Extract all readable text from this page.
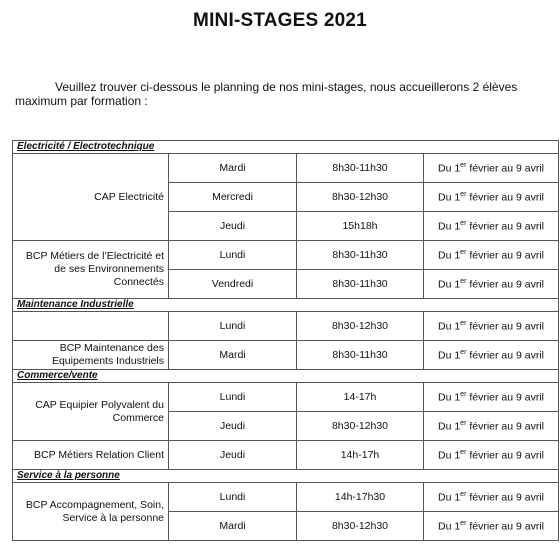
MINI-STAGES 2021
Veuillez trouver ci-dessous le planning de nos mini-stages, nous accueillerons 2 élèves maximum par formation :
Electricité / Electrotechnique			

CAP Electricité	Mardi	8h30-11h30	Du 1er février au 9 avril
	Mercredi	8h30-12h30	Du 1er février au 9 avril
	Jeudi	15h18h	Du 1er février au 9 avril
BCP Métiers de l’Electricité et de ses Environnements Connectés	Lundi	8h30-11h30	Du 1er février au 9 avril
	Vendredi	8h30-11h30	Du 1er février au 9 avril

Maintenance Industrielle			

	Lundi	8h30-12h30	Du 1er février au 9 avril
BCP Maintenance des Equipements Industriels	Mardi	8h30-11h30	Du 1er février au 9 avril

Commerce/vente			

CAP Equipier Polyvalent du Commerce	Lundi	14-17h	Du 1er février au 9 avril
	Jeudi	8h30-12h30	Du 1er février au 9 avril
BCP Métiers Relation Client	Jeudi	14h-17h	Du 1er février au 9 avril

Service à la personne			

BCP Accompagnement, Soin, Service à la personne	Lundi	14h-17h30	Du 1er février au 9 avril
	Mardi	8h30-12h30	Du 1er février au 9 avril
